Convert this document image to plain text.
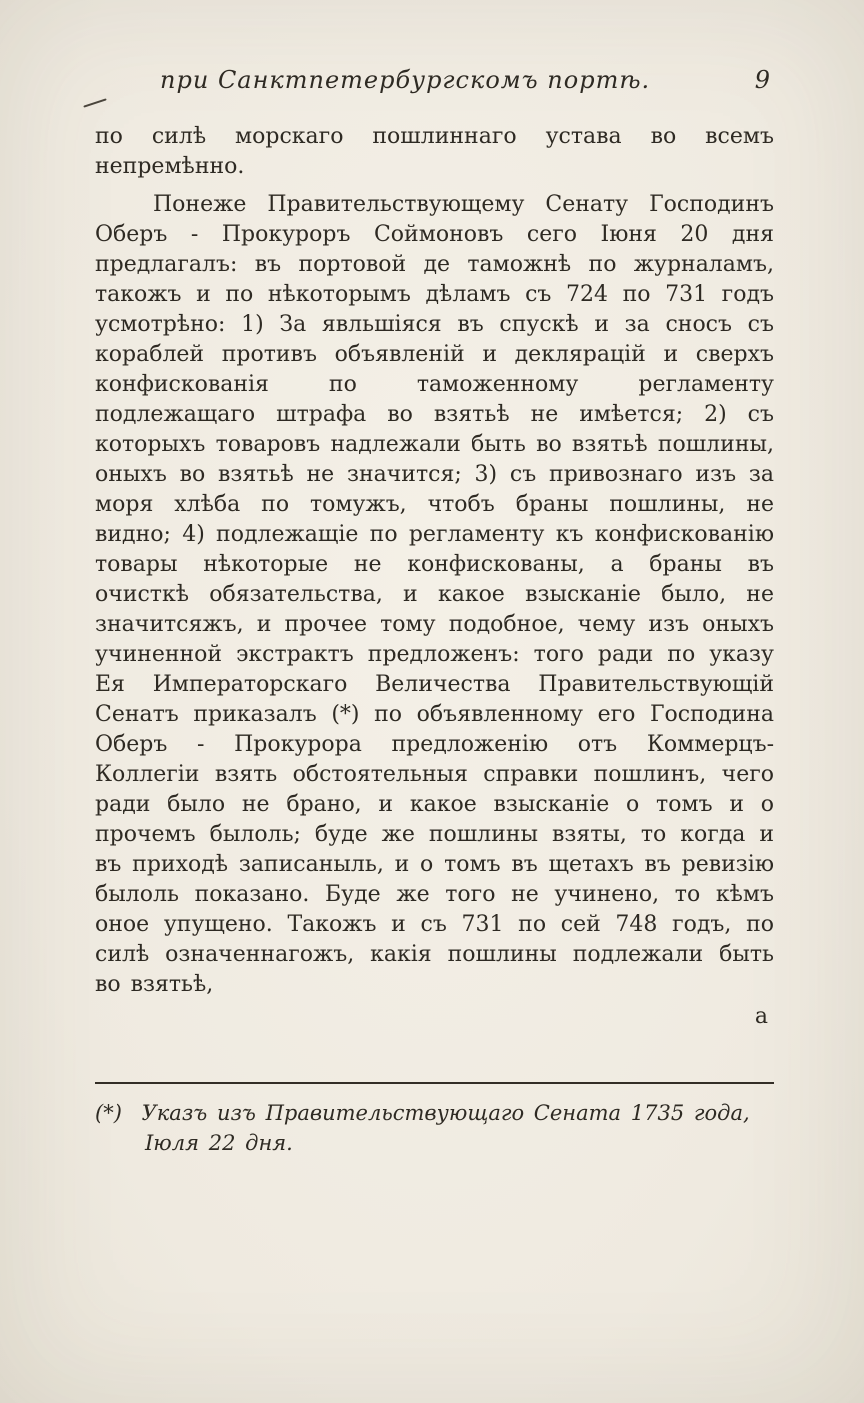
при Санктпетербургскомъ портѣ.	9

по силѣ морскаго пошлиннаго устава во всемъ непремѣнно.

Понеже Правительствующему Сенату Господинъ Оберъ - Прокуроръ Соймоновъ сего Іюня 20 дня предлагалъ: въ портовой де таможнѣ по журналамъ, такожъ и по нѣкоторымъ дѣламъ съ 724 по 731 годъ усмотрѣно: 1) За явльшіяся въ спускѣ и за сносъ съ кораблей противъ объявленій и деклярацій и сверхъ конфискованія по таможенному регламенту подлежащаго штрафа во взятьѣ не имѣется; 2) съ которыхъ товаровъ надлежали быть во взятьѣ пошлины, оныхъ во взятьѣ не значится; 3) съ привознаго изъ за моря хлѣба по томужъ, чтобъ браны пошлины, не видно; 4) подлежащіе по регламенту къ конфискованію товары нѣкоторые не конфискованы, а браны въ очисткѣ обязательства, и какое взысканіе было, не значитсяжъ, и прочее тому подобное, чему изъ оныхъ учиненной экстрактъ предложенъ: того ради по указу Ея Императорскаго Величества Правительствующій Сенатъ приказалъ (*) по объявленному его Господина Оберъ - Прокурора предложенію отъ Коммерцъ-Коллегіи взять обстоятельныя справки пошлинъ, чего ради было не брано, и какое взысканіе о томъ и о прочемъ былоль; буде же пошлины взяты, то когда и въ приходѣ записаныль, и о томъ въ щетахъ въ ревизію былоль показано. Буде же того не учинено, то кѣмъ оное упущено. Такожъ и съ 731 по сей 748 годъ, по силѣ означеннагожъ, какія пошлины подлежали быть во взятьѣ,

а

(*) Указъ изъ Правительствующаго Сената 1735 года, Іюля 22 дня.
